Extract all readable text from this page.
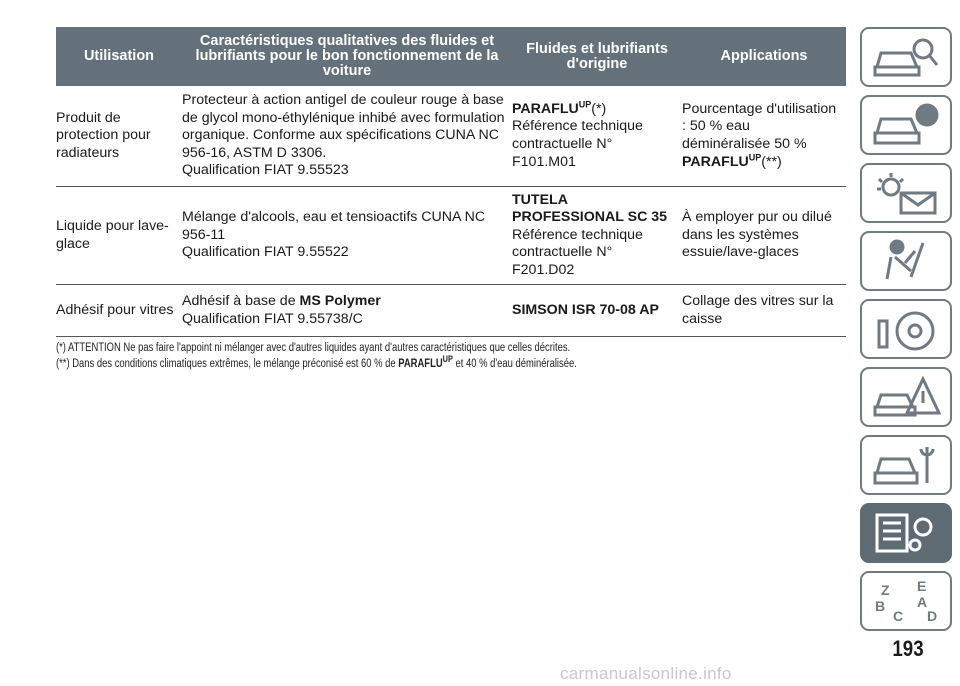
Utilisation
Caractéristiques qualitatives des fluides et lubrifiants pour le bon fonctionnement de la voiture
Fluides et lubrifiants d'origine	Applications
Produit de protection pour radiateurs
Protecteur à action antigel de couleur rouge à base de glycol mono-éthylénique inhibé avec formulation organique. Conforme aux spécifications CUNA NC 956-16, ASTM D 3306.
Qualification FIAT 9.55523
$PARAFLU^{UP}(*)$
Référence technique contractuelle N° F101.M01
Pourcentage d'utilisation : 50 % eau déminéralisée 50 %
$PARAFLU^{UP}(**)$
Liquide pour lave-glace
Mélange d'alcools, eau et tensioactifs CUNA NC 956-11
Qualification FIAT 9.55522
TUTELA PROFESSIONAL SC 35
Référence technique contractuelle N° F201.D02
À employer pur ou dilué dans les systèmes essuie/lave-glaces
Adhésif pour vitres
Adhésif à base de MS Polymer
Qualification FIAT 9.55738/C
SIMSON ISR 70-08 AP
Collage des vitres sur la caisse
(*) ATTENTION Ne pas faire l'appoint ni mélanger avec d'autres liquides ayant d'autres caractéristiques que celles décrites.
(**) Dans des conditions climatiques extrêmes, le mélange préconisé est 60 % de $PARAFLU^{UP}$ et 40 % d'eau déminéralisée.
Z E
B A
C D
193
carmanualsonline.info
